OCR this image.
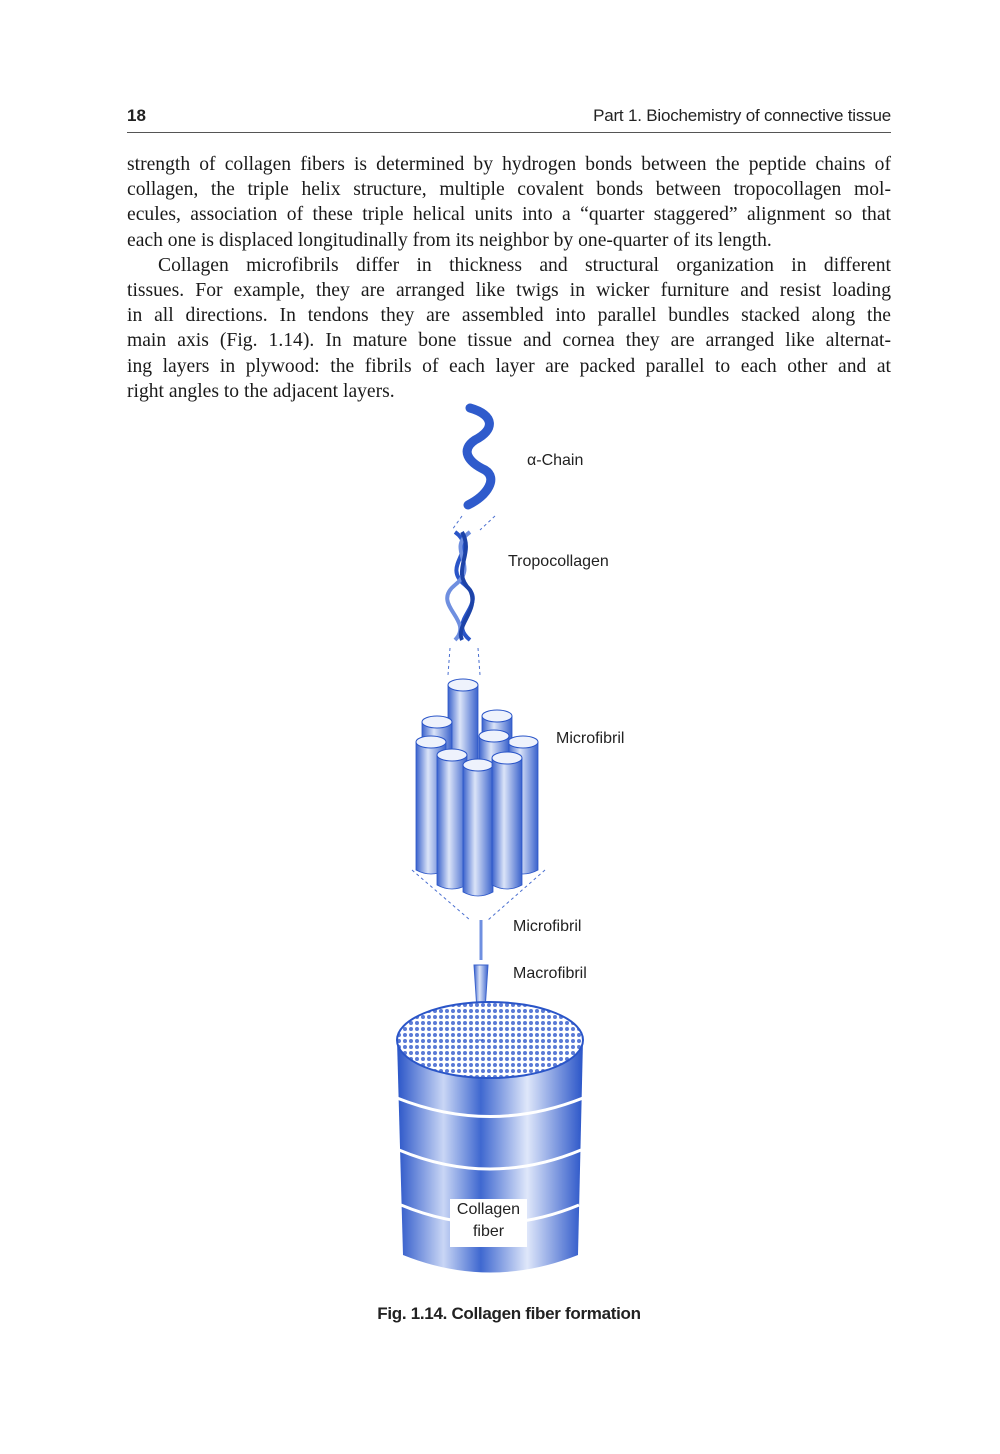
18	Part 1. Biochemistry of connective tissue
strength of collagen fibers is determined by hydrogen bonds between the peptide chains of
collagen, the triple helix structure, multiple covalent bonds between tropocollagen mol-
ecules, association of these triple helical units into a “quarter staggered” alignment so that
each one is displaced longitudinally from its neighbor by one-quarter of its length.
Collagen microfibrils differ in thickness and structural organization in different
tissues. For example, they are arranged like twigs in wicker furniture and resist loading
in all directions. In tendons they are assembled into parallel bundles stacked along the
main axis (Fig. 1.14). In mature bone tissue and cornea they are arranged like alternat-
ing layers in plywood: the fibrils of each layer are packed parallel to each other and at
right angles to the adjacent layers.
α-Chain
Tropocollagen
Microfibril
Microfibril
Macrofibril
Collagen
fiber
Fig. 1.14. Collagen fiber formation
